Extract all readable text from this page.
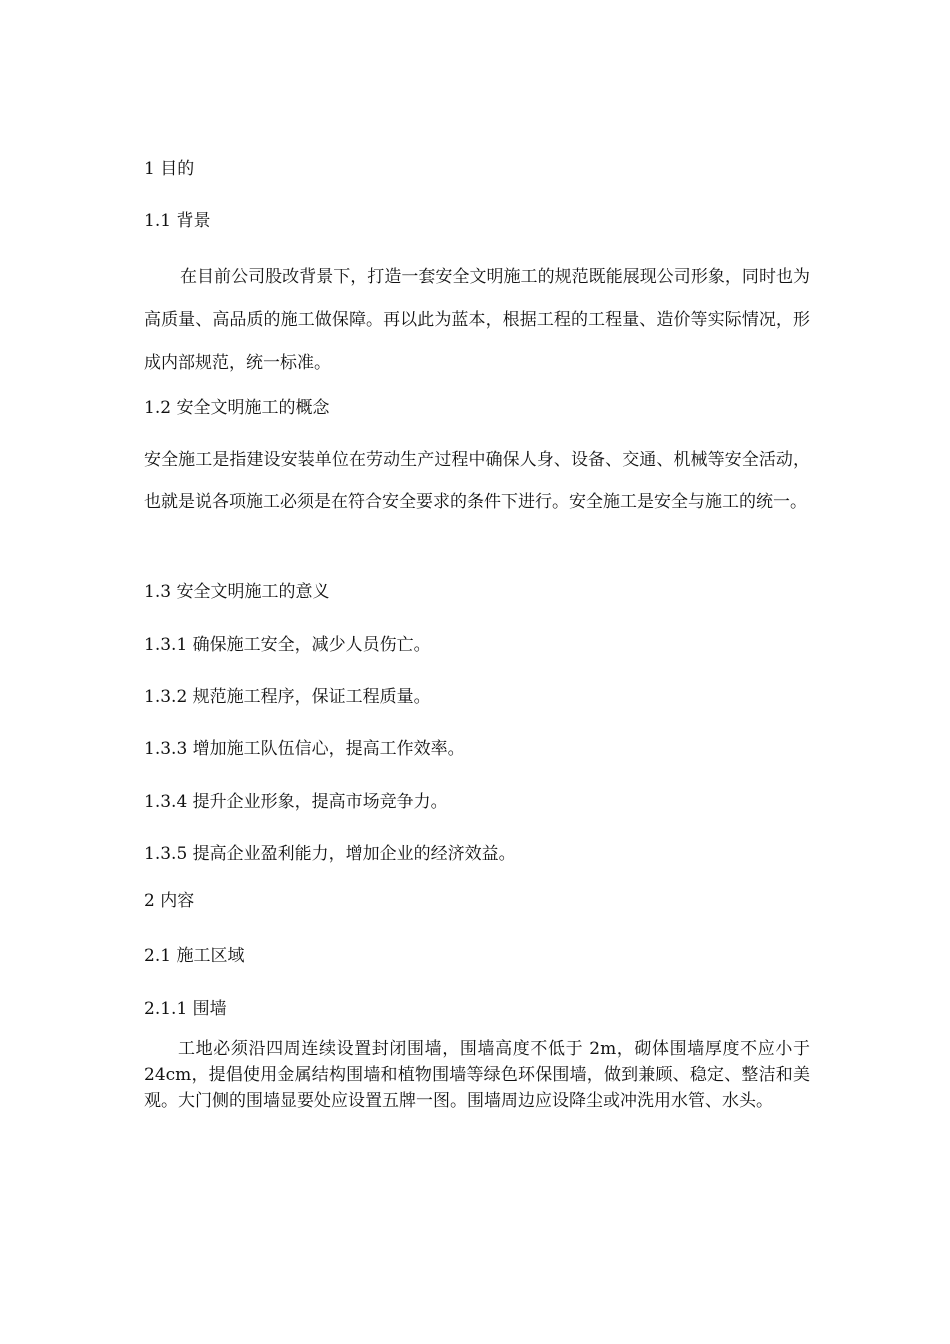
1 目的
1.1 背景
在目前公司股改背景下，打造一套安全文明施工的规范既能展现公司形象，同时也为高质量、高品质的施工做保障。再以此为蓝本，根据工程的工程量、造价等实际情况，形成内部规范，统一标准。
1.2 安全文明施工的概念
安全施工是指建设安装单位在劳动生产过程中确保人身、设备、交通、机械等安全活动，也就是说各项施工必须是在符合安全要求的条件下进行。安全施工是安全与施工的统一。
1.3 安全文明施工的意义
1.3.1 确保施工安全，减少人员伤亡。
1.3.2 规范施工程序，保证工程质量。
1.3.3 增加施工队伍信心，提高工作效率。
1.3.4 提升企业形象，提高市场竞争力。
1.3.5 提高企业盈利能力，增加企业的经济效益。
2 内容
2.1 施工区域
2.1.1 围墙
工地必须沿四周连续设置封闭围墙，围墙高度不低于 2m，砌体围墙厚度不应小于 24cm，提倡使用金属结构围墙和植物围墙等绿色环保围墙，做到兼顾、稳定、整洁和美观。大门侧的围墙显要处应设置五牌一图。围墙周边应设降尘或冲洗用水管、水头。
